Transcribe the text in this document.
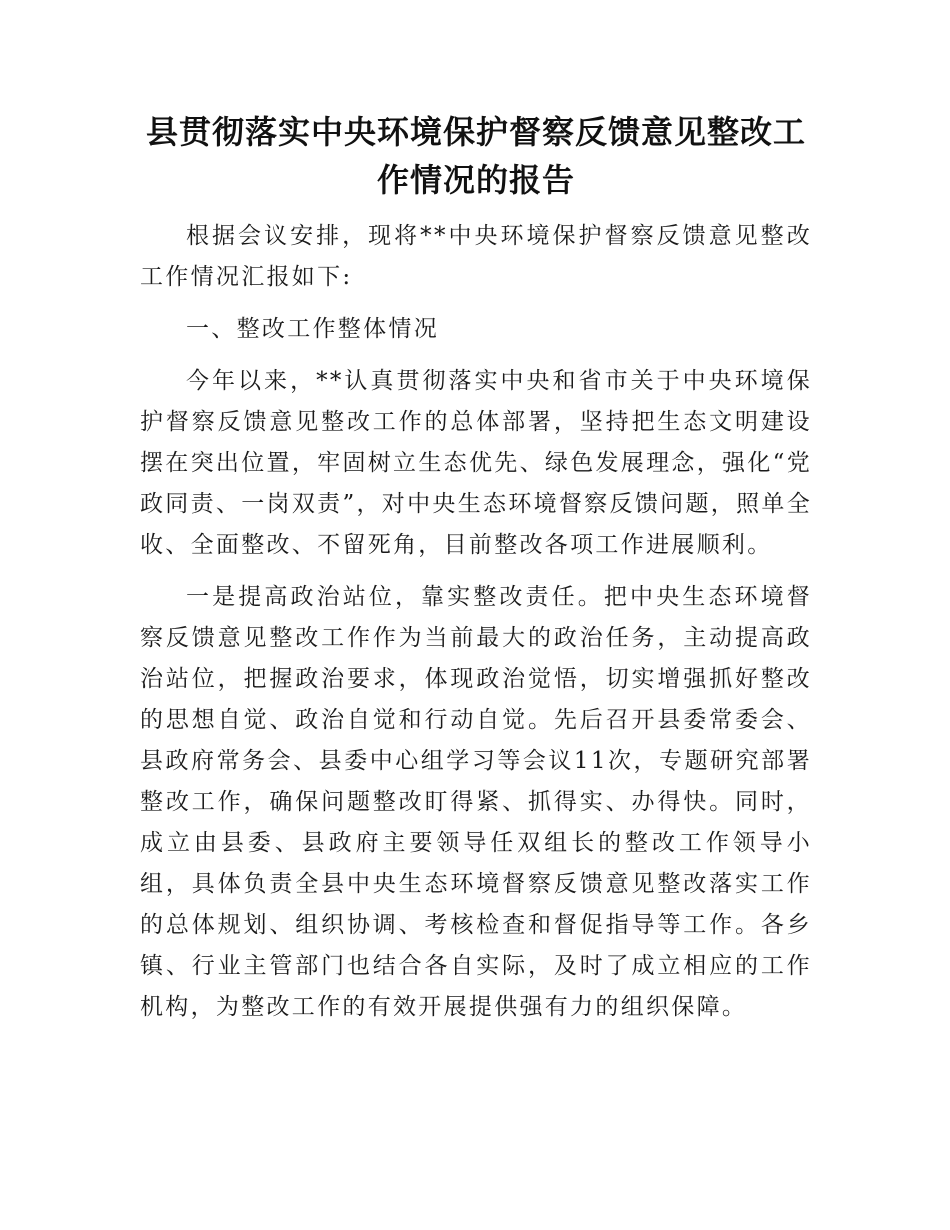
县贯彻落实中央环境保护督察反馈意见整改工作情况的报告

根据会议安排，现将**中央环境保护督察反馈意见整改工作情况汇报如下:

一、整改工作整体情况

今年以来，**认真贯彻落实中央和省市关于中央环境保护督察反馈意见整改工作的总体部署，坚持把生态文明建设摆在突出位置，牢固树立生态优先、绿色发展理念，强化“党政同责、一岗双责”，对中央生态环境督察反馈问题，照单全收、全面整改、不留死角，目前整改各项工作进展顺利。

一是提高政治站位，靠实整改责任。把中央生态环境督察反馈意见整改工作作为当前最大的政治任务，主动提高政治站位，把握政治要求，体现政治觉悟，切实增强抓好整改的思想自觉、政治自觉和行动自觉。先后召开县委常委会、县政府常务会、县委中心组学习等会议11次，专题研究部署整改工作，确保问题整改盯得紧、抓得实、办得快。同时，成立由县委、县政府主要领导任双组长的整改工作领导小组，具体负责全县中央生态环境督察反馈意见整改落实工作的总体规划、组织协调、考核检查和督促指导等工作。各乡镇、行业主管部门也结合各自实际，及时了成立相应的工作机构，为整改工作的有效开展提供强有力的组织保障。
